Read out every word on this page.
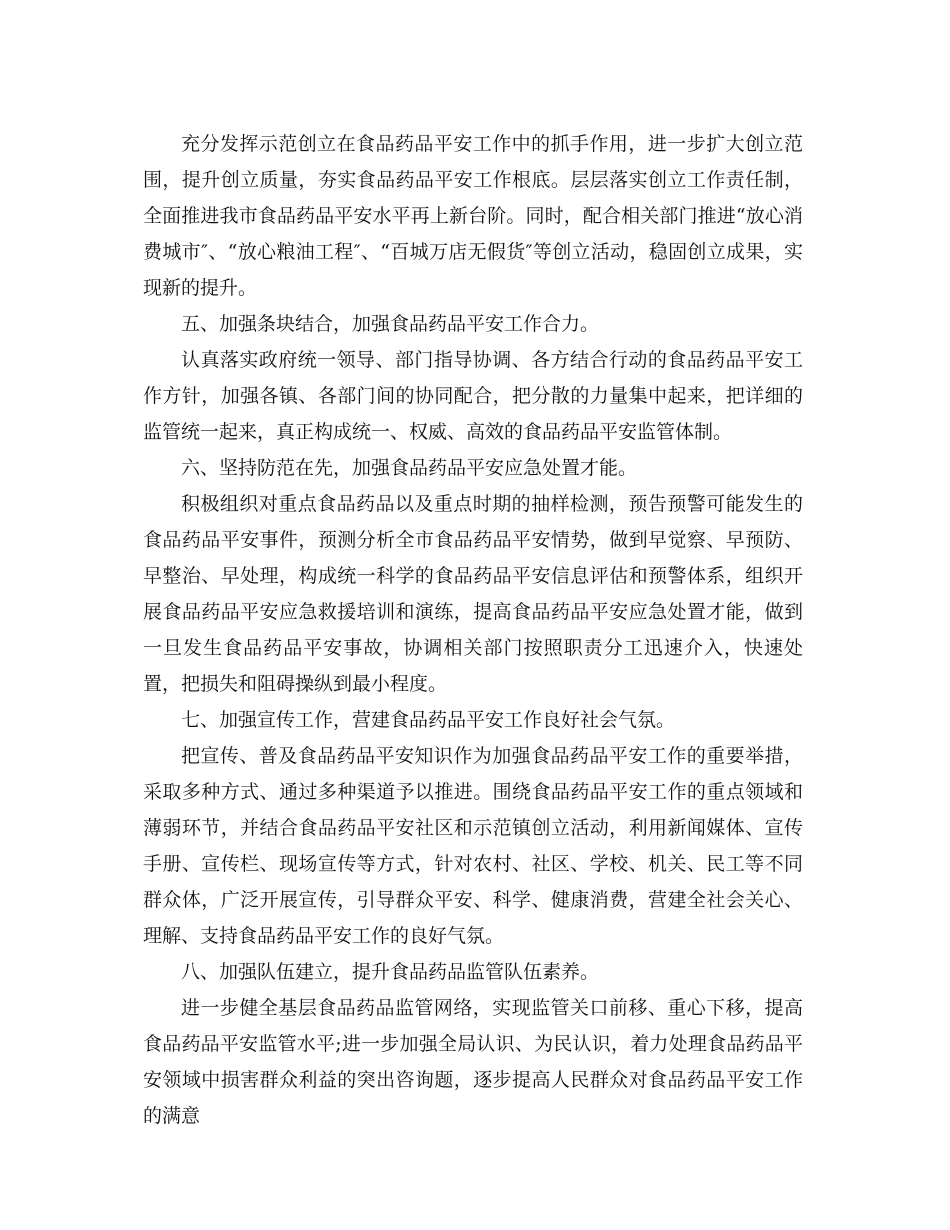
充分发挥示范创立在食品药品平安工作中的抓手作用，进一步扩大创立范围，提升创立质量，夯实食品药品平安工作根底。层层落实创立工作责任制，全面推进我市食品药品平安水平再上新台阶。同时，配合相关部门推进“放心消费城市″、“放心粮油工程″、“百城万店无假货″等创立活动，稳固创立成果，实现新的提升。

五、加强条块结合，加强食品药品平安工作合力。

认真落实政府统一领导、部门指导协调、各方结合行动的食品药品平安工作方针，加强各镇、各部门间的协同配合，把分散的力量集中起来，把详细的监管统一起来，真正构成统一、权威、高效的食品药品平安监管体制。

六、坚持防范在先，加强食品药品平安应急处置才能。

积极组织对重点食品药品以及重点时期的抽样检测，预告预警可能发生的食品药品平安事件，预测分析全市食品药品平安情势，做到早觉察、早预防、早整治、早处理，构成统一科学的食品药品平安信息评估和预警体系，组织开展食品药品平安应急救援培训和演练，提高食品药品平安应急处置才能，做到一旦发生食品药品平安事故，协调相关部门按照职责分工迅速介入，快速处置，把损失和阻碍操纵到最小程度。

七、加强宣传工作，营建食品药品平安工作良好社会气氛。

把宣传、普及食品药品平安知识作为加强食品药品平安工作的重要举措，采取多种方式、通过多种渠道予以推进。围绕食品药品平安工作的重点领域和薄弱环节，并结合食品药品平安社区和示范镇创立活动，利用新闻媒体、宣传手册、宣传栏、现场宣传等方式，针对农村、社区、学校、机关、民工等不同群众体，广泛开展宣传，引导群众平安、科学、健康消费，营建全社会关心、理解、支持食品药品平安工作的良好气氛。

八、加强队伍建立，提升食品药品监管队伍素养。

进一步健全基层食品药品监管网络，实现监管关口前移、重心下移，提高食品药品平安监管水平;进一步加强全局认识、为民认识，着力处理食品药品平安领域中损害群众利益的突出咨询题，逐步提高人民群众对食品药品平安工作的满意
